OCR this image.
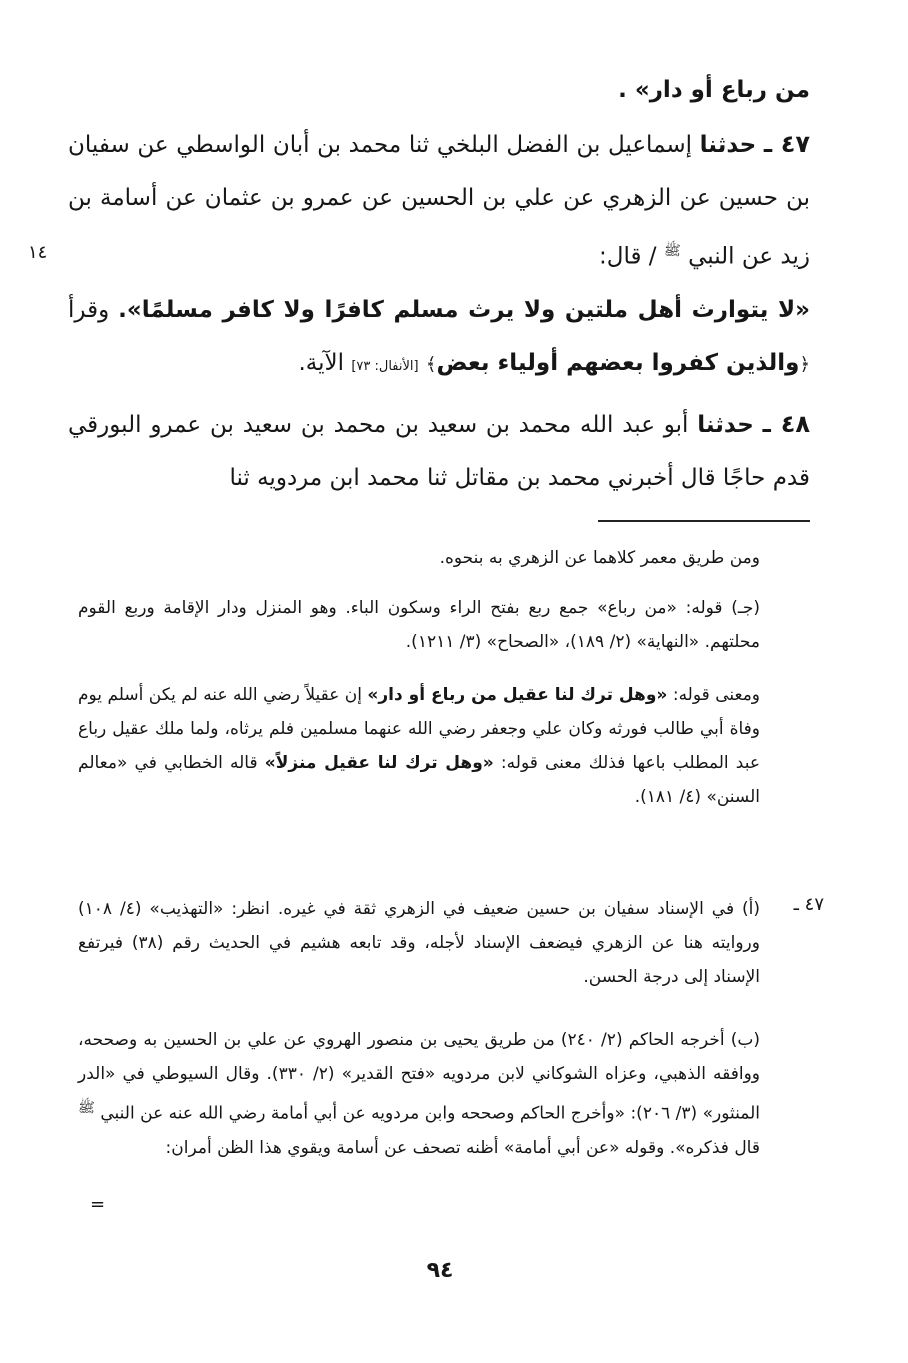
من رباع أو دار» .
٤٧ ـ حدثنا إسماعيل بن الفضل البلخي ثنا محمد بن أبان الواسطي عن سفيان بن حسين عن الزهري عن علي بن الحسين عن عمرو بن عثمان عن أسامة بن زيد عن النبي $^ﷺ$ / قال:
«لا يتوارث أهل ملتين ولا يرث مسلم كافرًا ولا كافر مسلمًا». وقرأ ﴿والذين كفروا بعضهم أولياء بعض﴾ [الأنفال: ٧٣] الآية.
٤٨ ـ حدثنا أبو عبد الله محمد بن سعيد بن محمد بن سعيد بن عمرو البورقي قدم حاجًا قال أخبرني محمد بن مقاتل ثنا محمد ابن مردويه ثنا
١٤
ومن طريق معمر كلاهما عن الزهري به بنحوه.
(جـ) قوله: «من رباع» جمع ربع بفتح الراء وسكون الباء. وهو المنزل ودار الإقامة وربع القوم محلتهم. «النهاية» (٢/ ١٨٩)، «الصحاح» (٣/ ١٢١١).
ومعنى قوله: «وهل ترك لنا عقيل من رباع أو دار» إن عقيلاً رضي الله عنه لم يكن أسلم يوم وفاة أبي طالب فورثه وكان علي وجعفر رضي الله عنهما مسلمين فلم يرثاه، ولما ملك عقيل رباع عبد المطلب باعها فذلك معنى قوله: «وهل ترك لنا عقيل منزلاً» قاله الخطابي في «معالم السنن» (٤/ ١٨١).
٤٧ ـ
(أ) في الإسناد سفيان بن حسين ضعيف في الزهري ثقة في غيره. انظر: «التهذيب» (٤/ ١٠٨) وروايته هنا عن الزهري فيضعف الإسناد لأجله، وقد تابعه هشيم في الحديث رقم (٣٨) فيرتفع الإسناد إلى درجة الحسن.
(ب) أخرجه الحاكم (٢/ ٢٤٠) من طريق يحيى بن منصور الهروي عن علي بن الحسين به وصححه، ووافقه الذهبي، وعزاه الشوكاني لابن مردويه «فتح القدير» (٢/ ٣٣٠). وقال السيوطي في «الدر المنثور» (٣/ ٢٠٦): «وأخرج الحاكم وصححه وابن مردويه عن أبي أمامة رضي الله عنه عن النبي $^ﷺ$ قال فذكره». وقوله «عن أبي أمامة» أظنه تصحف عن أسامة ويقوي هذا الظن أمران:
=
٩٤
